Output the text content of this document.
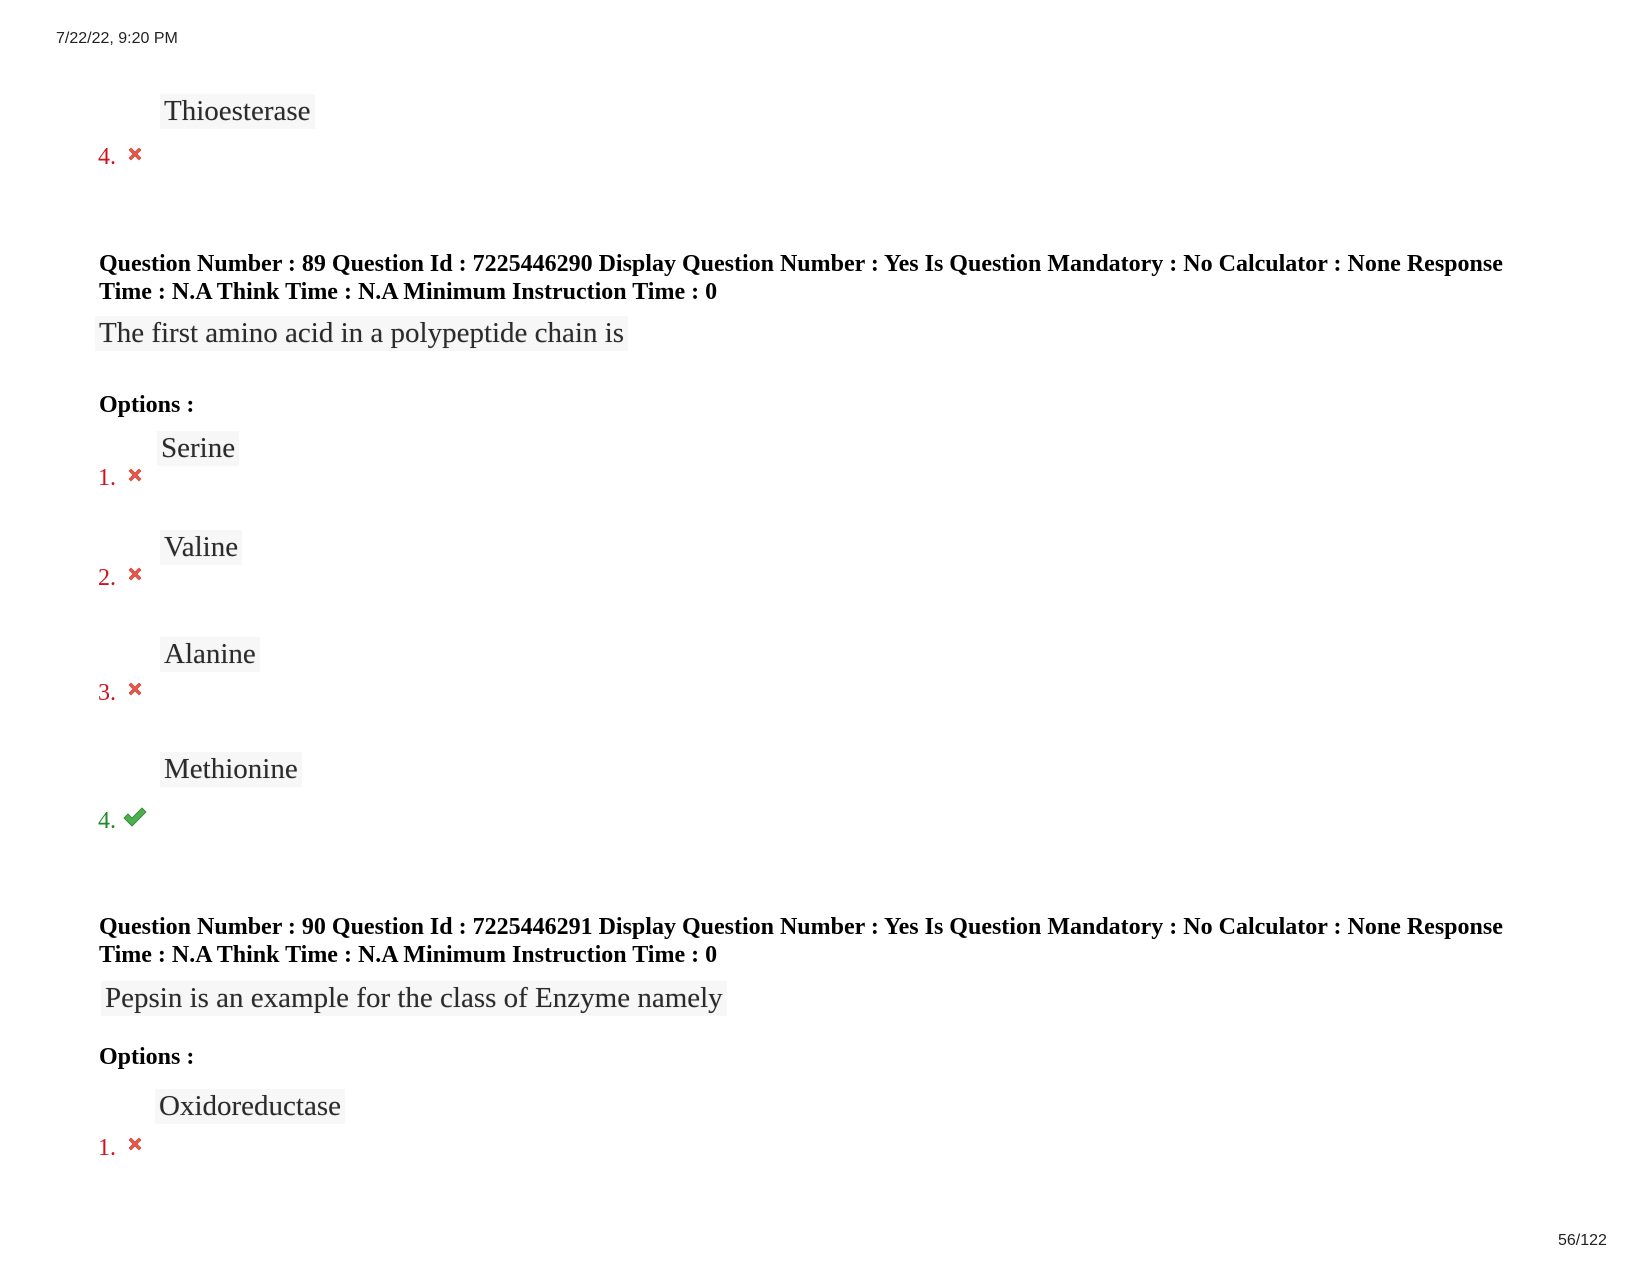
7/22/22, 9:20 PM
56/122
Thioesterase
4.
Question Number : 89 Question Id : 7225446290 Display Question Number : Yes Is Question Mandatory : No Calculator : None Response
Time : N.A Think Time : N.A Minimum Instruction Time : 0
The first amino acid in a polypeptide chain is
Options :
Serine
1.
Valine
2.
Alanine
3.
Methionine
4.
Question Number : 90 Question Id : 7225446291 Display Question Number : Yes Is Question Mandatory : No Calculator : None Response
Time : N.A Think Time : N.A Minimum Instruction Time : 0
Pepsin is an example for the class of Enzyme namely
Options :
Oxidoreductase
1.
